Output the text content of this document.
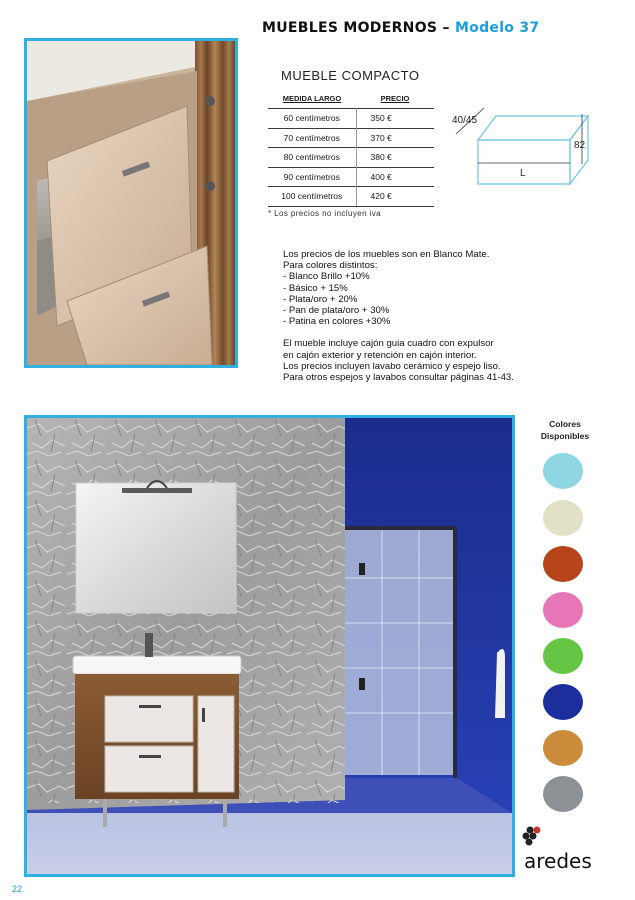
MUEBLES MODERNOS – Modelo 37
MUEBLE COMPACTO
MEDIDA LARGO	PRECIO
60 centímetros	350 €
70 centímetros	370 €
80 centímetros	380 €
90 centímetros	400 €
100 centímetros	420 €
* Los precios no incluyen iva
40/45
82
L
Los precios de los muebles son en Blanco Mate.
Para colores distintos:
- Blanco Brillo +10%
- Básico + 15%
- Plata/oro + 20%
- Pan de plata/oro + 30%
- Patina en colores +30%
El mueble incluye cajón guia cuadro con expulsor
en cajón exterior y retención en cajón interior.
Los precios incluyen lavabo cerámico y espejo liso.
Para otros espejos y lavabos consultar páginas 41-43.
Colores
Disponibles
aredes
22
